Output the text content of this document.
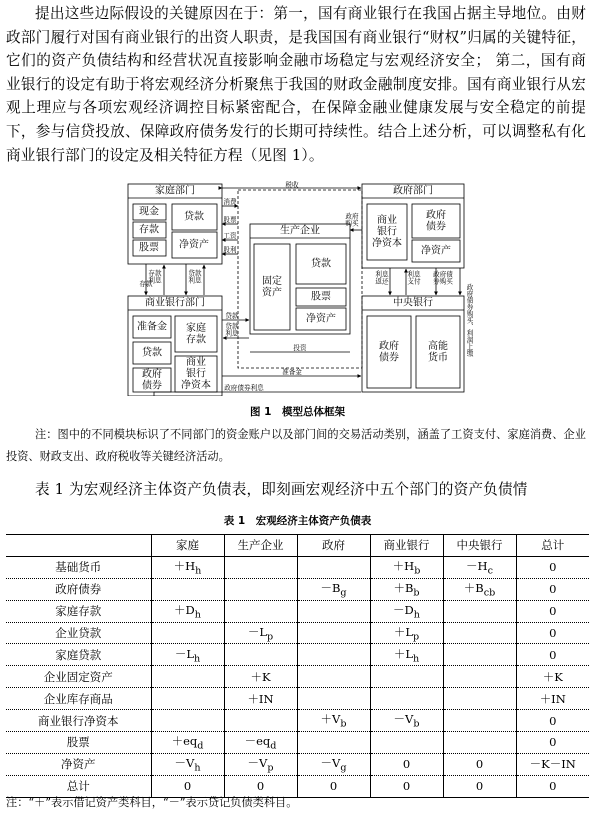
提出这些边际假设的关键原因在于：第一，国有商业银行在我国占据主导地位。由财政部门履行对国有商业银行的出资人职责，是我国国有商业银行“财权”归属的关键特征，它们的资产负债结构和经营状况直接影响金融市场稳定与宏观经济安全； 第二，国有商业银行的设定有助于将宏观经济分析聚焦于我国的财政金融制度安排。国有商业银行从宏观上理应与各项宏观经济调控目标紧密配合，在保障金融业健康发展与安全稳定的前提下，参与信贷投放、保障政府债务发行的长期可持续性。结合上述分析，可以调整私有化商业银行部门的设定及相关特征方程（见图 1）。

家庭部门
现金
存款
股票
贷款
净资产
商业银行部门
准备金
贷款
政府
债券
家庭
存款
商业
银行
净资本
生产企业
固定
资产
贷款
股票
净资产
政府部门
商业
银行
净资本
政府
债券
净资产
中央银行
政府
债券
高能
货币
税收
消费
股票
工资
股利
政府
购买
存款
利息
存款
贷款
利息
贷款
贷款
利息
利息
返还
利息
支付
政府债
券购买
政府债券购买、利润上缴
投资
准备金
政府债券利息
图 1　模型总体框架

注：图中的不同模块标识了不同部门的资金账户以及部门间的交易活动类别，涵盖了工资支付、家庭消费、企业投资、财政支出、政府税收等关键经济活动。

表 1 为宏观经济主体资产负债表，即刻画宏观经济中五个部门的资产负债情

表 1　宏观经济主体资产负债表
	家庭	生产企业	政府	商业银行	中央银行	总计
基础货币	$+H_h$			$+H_b$	$-H_c$	0
政府债券			$-B_g$	$+B_b$	$+B_{cb}$	0
家庭存款	$+D_h$			$-D_h$		0
企业贷款		$-L_p$		$+L_p$		0
家庭贷款	$-L_h$			$+L_h$		0
企业固定资产		＋K				＋K
企业库存商品		＋IN				＋IN
商业银行净资本			$+V_b$	$-V_b$		0
股票	$+eq_d$	$-eq_d$				0
净资产	$-V_h$	$-V_p$	$-V_g$	0	0	－K－IN
总计	0	0	0	0	0	0
注：“＋”表示借记资产类科目，“－”表示贷记负债类科目。
